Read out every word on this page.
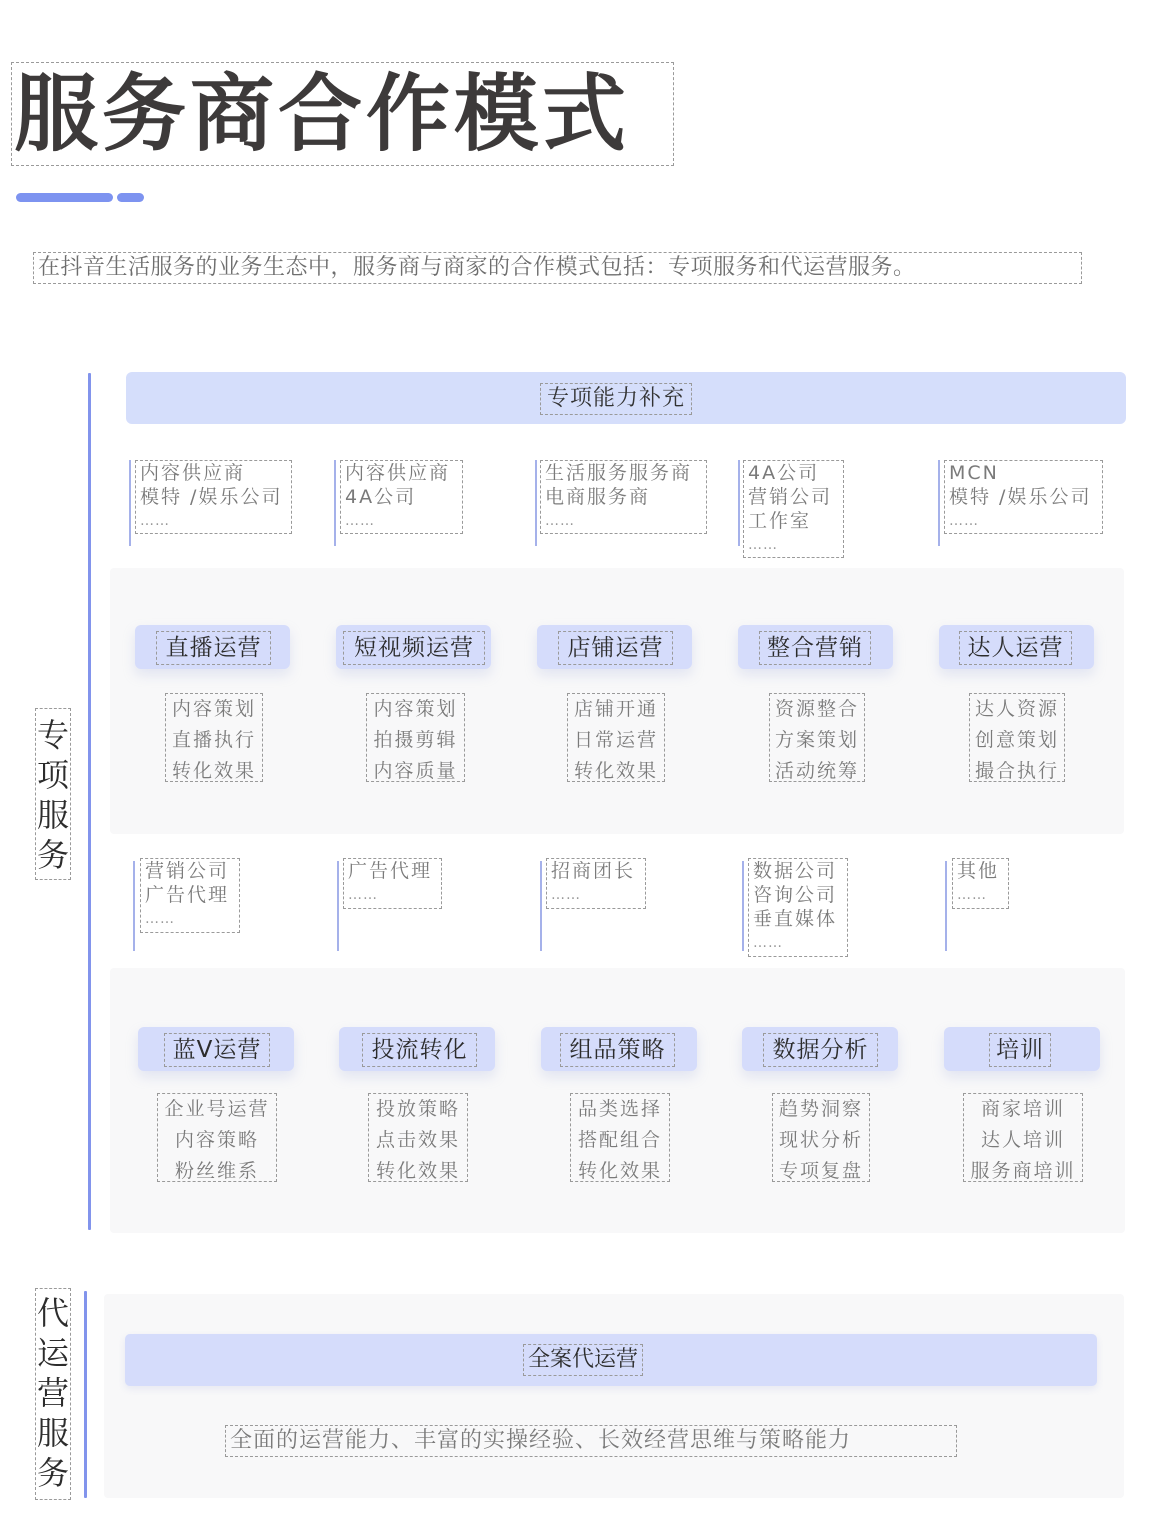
服务商合作模式
在抖音生活服务的业务生态中，服务商与商家的合作模式包括：专项服务和代运营服务。
专
项
服
务
专项能力补充
内容供应商
模特 /娱乐公司
……
内容供应商
4A公司
……
生活服务服务商
电商服务商
……
4A公司
营销公司
工作室
……
MCN
模特 /娱乐公司
……
直播运营
内容策划
直播执行
转化效果
短视频运营
内容策划
拍摄剪辑
内容质量
店铺运营
店铺开通
日常运营
转化效果
整合营销
资源整合
方案策划
活动统筹
达人运营
达人资源
创意策划
撮合执行
营销公司
广告代理
……
广告代理
……
招商团长
……
数据公司
咨询公司
垂直媒体
……
其他
……
蓝V运营
企业号运营
内容策略
粉丝维系
投流转化
投放策略
点击效果
转化效果
组品策略
品类选择
搭配组合
转化效果
数据分析
趋势洞察
现状分析
专项复盘
培训
商家培训
达人培训
服务商培训
代
运
营
服
务
全案代运营
全面的运营能力、丰富的实操经验、长效经营思维与策略能力
